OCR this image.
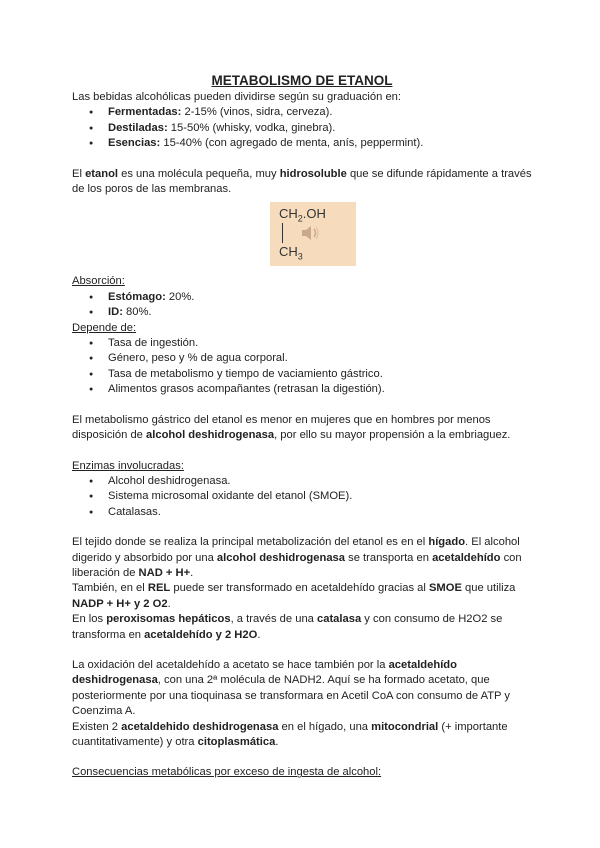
METABOLISMO DE ETANOL

Las bebidas alcohólicas pueden dividirse según su graduación en:

● Fermentadas: 2-15% (vinos, sidra, cerveza).
● Destiladas: 15-50% (whisky, vodka, ginebra).
● Esencias: 15-40% (con agregado de menta, anís, peppermint).

El etanol es una molécula pequeña, muy hidrosoluble que se difunde rápidamente a través de los poros de las membranas.

$CH_2.OH$
$CH_3$

Absorción:

● Estómago: 20%.
● ID: 80%.

Depende de:

● Tasa de ingestión.
● Género, peso y % de agua corporal.
● Tasa de metabolismo y tiempo de vaciamiento gástrico.
● Alimentos grasos acompañantes (retrasan la digestión).

El metabolismo gástrico del etanol es menor en mujeres que en hombres por menos disposición de alcohol deshidrogenasa, por ello su mayor propensión a la embriaguez.

Enzimas involucradas:

● Alcohol deshidrogenasa.
● Sistema microsomal oxidante del etanol (SMOE).
● Catalasas.

El tejido donde se realiza la principal metabolización del etanol es en el hígado. El alcohol digerido y absorbido por una alcohol deshidrogenasa se transporta en acetaldehído con liberación de NAD + H+.

También, en el REL puede ser transformado en acetaldehído gracias al SMOE que utiliza NADP + H+ y 2 O2.

En los peroxisomas hepáticos, a través de una catalasa y con consumo de H2O2 se transforma en acetaldehído y 2 H2O.

La oxidación del acetaldehído a acetato se hace también por la acetaldehído deshidrogenasa, con una 2ª molécula de NADH2. Aquí se ha formado acetato, que posteriormente por una tioquinasa se transformara en Acetil CoA con consumo de ATP y Coenzima A.

Existen 2 acetaldehido deshidrogenasa en el hígado, una mitocondrial (+ importante cuantitativamente) y otra citoplasmática.

Consecuencias metabólicas por exceso de ingesta de alcohol:
